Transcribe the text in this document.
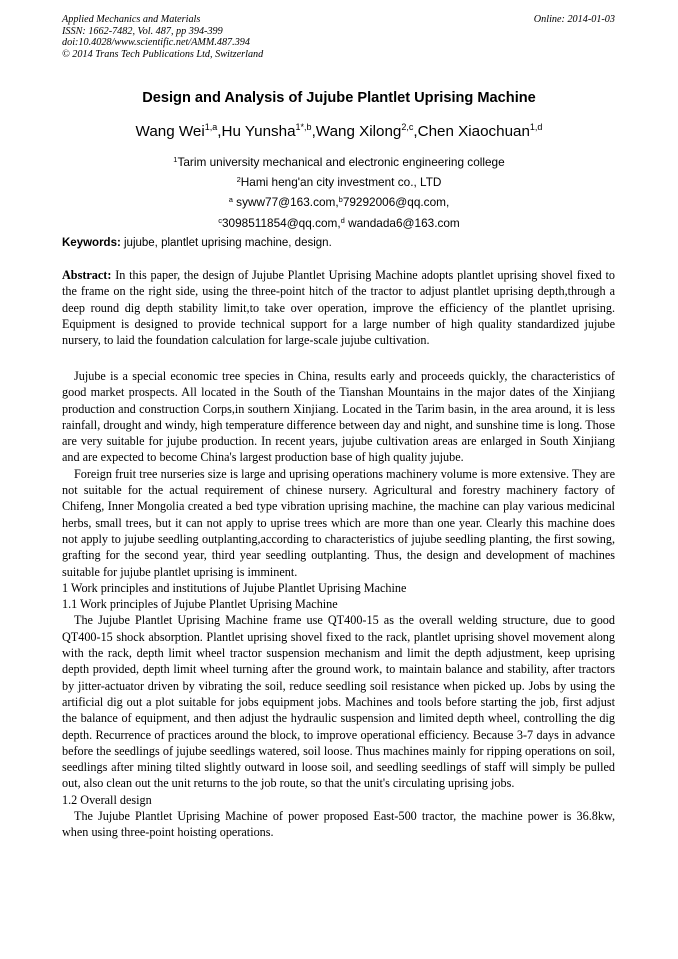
Applied Mechanics and Materials
ISSN: 1662-7482, Vol. 487, pp 394-399
doi:10.4028/www.scientific.net/AMM.487.394
© 2014 Trans Tech Publications Ltd, Switzerland
Online: 2014-01-03
Design and Analysis of Jujube Plantlet Uprising Machine
Wang Wei$^{1,a}$,Hu Yunsha$^{1*,b}$,Wang Xilong$^{2,c}$,Chen Xiaochuan$^{1,d}$
$^1$Tarim university mechanical and electronic engineering college
$^2$Hami heng'an city investment co., LTD
$^a$ syww77@163.com,$^b$79292006@qq.com,
$^c$3098511854@qq.com,$^d$ wandada6@163.com
Keywords: jujube, plantlet uprising machine, design.

Abstract: In this paper, the design of Jujube Plantlet Uprising Machine adopts plantlet uprising shovel fixed to the frame on the right side, using the three-point hitch of the tractor to adjust plantlet uprising depth,through a deep round dig depth stability limit,to take over operation, improve the efficiency of the plantlet uprising. Equipment is designed to provide technical support for a large number of high quality standardized jujube nursery, to laid the foundation calculation for large-scale jujube cultivation.

Jujube is a special economic tree species in China, results early and proceeds quickly, the characteristics of good market prospects. All located in the South of the Tianshan Mountains in the major dates of the Xinjiang production and construction Corps,in southern Xinjiang. Located in the Tarim basin, in the area around, it is less rainfall, drought and windy, high temperature difference between day and night, and sunshine time is long. Those are very suitable for jujube production. In recent years, jujube cultivation areas are enlarged in South Xinjiang and are expected to become China's largest production base of high quality jujube.

Foreign fruit tree nurseries size is large and uprising operations machinery volume is more extensive. They are not suitable for the actual requirement of chinese nursery. Agricultural and forestry machinery factory of Chifeng, Inner Mongolia created a bed type vibration uprising machine, the machine can play various medicinal herbs, small trees, but it can not apply to uprise trees which are more than one year. Clearly this machine does not apply to jujube seedling outplanting,according to characteristics of jujube seedling planting, the first sowing, grafting for the second year, third year seedling outplanting. Thus, the design and development of machines suitable for jujube plantlet uprising is imminent.

1 Work principles and institutions of Jujube Plantlet Uprising Machine

1.1 Work principles of Jujube Plantlet Uprising Machine

The Jujube Plantlet Uprising Machine frame use QT400-15 as the overall welding structure, due to good QT400-15 shock absorption. Plantlet uprising shovel fixed to the rack, plantlet uprising shovel movement along with the rack, depth limit wheel tractor suspension mechanism and limit the depth adjustment, keep uprising depth provided, depth limit wheel turning after the ground work, to maintain balance and stability, after tractors by jitter-actuator driven by vibrating the soil, reduce seedling soil resistance when picked up. Jobs by using the artificial dig out a plot suitable for jobs equipment jobs. Machines and tools before starting the job, first adjust the balance of equipment, and then adjust the hydraulic suspension and limited depth wheel, controlling the dig depth. Recurrence of practices around the block, to improve operational efficiency. Because 3-7 days in advance before the seedlings of jujube seedlings watered, soil loose. Thus machines mainly for ripping operations on soil, seedlings after mining tilted slightly outward in loose soil, and seedling seedlings of staff will simply be pulled out, also clean out the unit returns to the job route, so that the unit's circulating uprising jobs.

1.2 Overall design

The Jujube Plantlet Uprising Machine of power proposed East-500 tractor, the machine power is 36.8kw, when using three-point hoisting operations.
